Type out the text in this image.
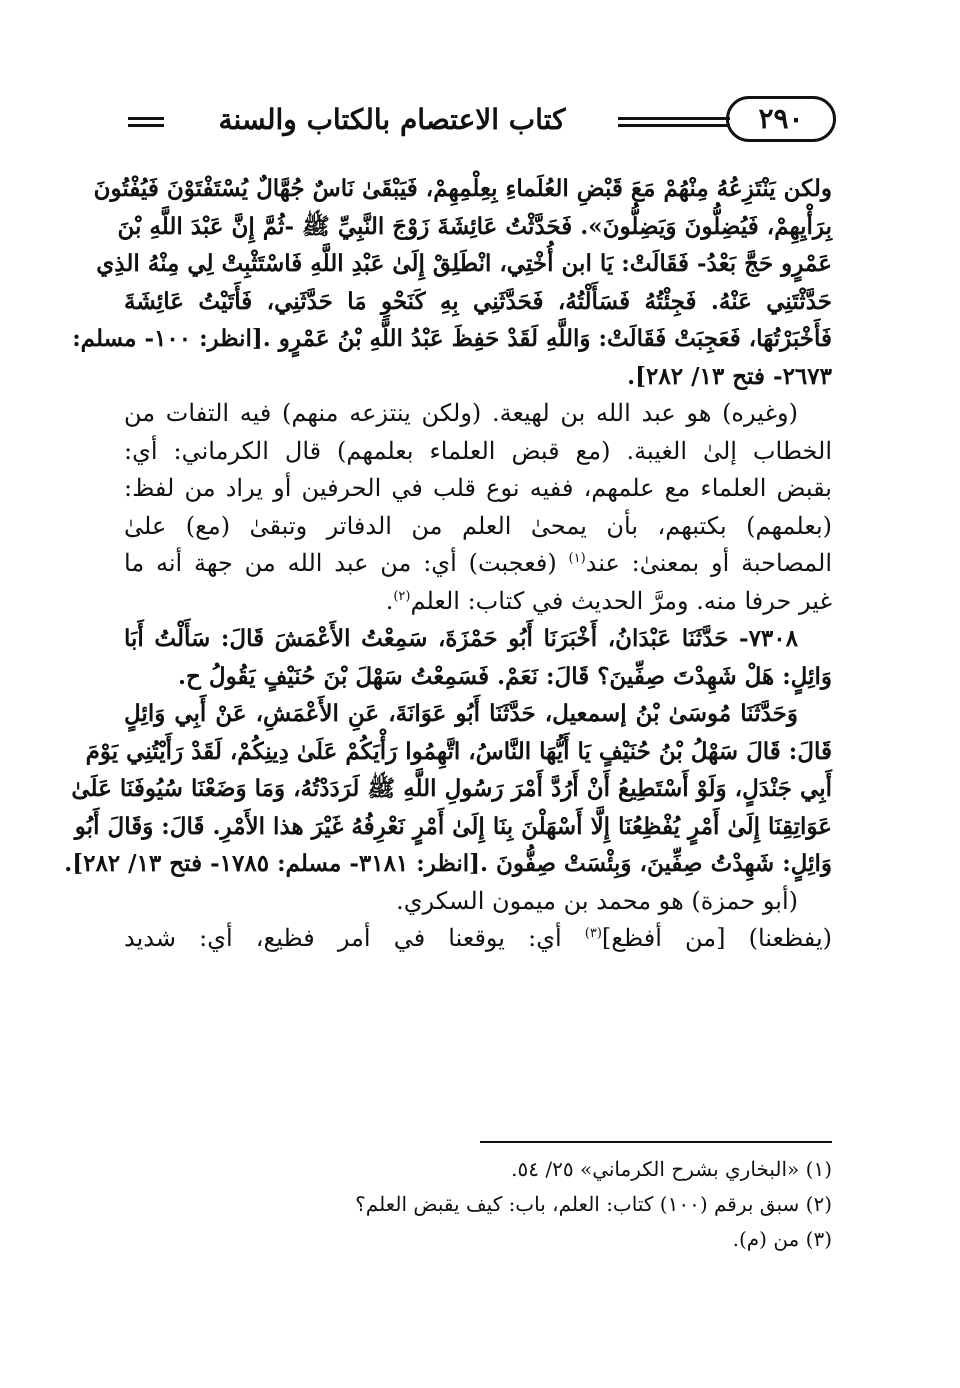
كتاب الاعتصام بالكتاب والسنة	٢٩٠
ولكن يَنْتَزِعُهُ مِنْهُمْ مَعَ قَبْضِ العُلَماءِ بِعِلْمِهِمْ، فَيَبْقَىٰ نَاسٌ جُهَّالٌ يُسْتَفْتَوْنَ فَيُفْتُونَ
بِرَأْيِهِمْ، فَيُضِلُّونَ وَيَضِلُّونَ». فَحَدَّثْتُ عَائِشَةَ زَوْجَ النَّبِيِّ ﷺ -ثُمَّ إِنَّ عَبْدَ اللَّهِ بْنَ
عَمْرٍو حَجَّ بَعْدُ- فَقَالَتْ: يَا ابن أُخْتِي، انْطَلِقْ إِلَىٰ عَبْدِ اللَّهِ فَاسْتَثْبِتْ لِي مِنْهُ الذِي
حَدَّثْتَنِي عَنْهُ. فَجِئْتُهُ فَسَأَلْتُهُ، فَحَدَّثَنِي بِهِ كَنَحْوِ مَا حَدَّثَنِي، فَأَتَيْتُ عَائِشَةَ
فَأَخْبَرْتُهَا، فَعَجِبَتْ فَقَالَتْ: وَاللَّهِ لَقَدْ حَفِظَ عَبْدُ اللَّهِ بْنُ عَمْرٍو .[انظر: ١٠٠- مسلم:
٢٦٧٣- فتح ١٣/ ٢٨٢].
(وغيره) هو عبد الله بن لهيعة. (ولكن ينتزعه منهم) فيه التفات من
الخطاب إلىٰ الغيبة. (مع قبض العلماء بعلمهم) قال الكرماني: أي:
بقبض العلماء مع علمهم، ففيه نوع قلب في الحرفين أو يراد من لفظ:
(بعلمهم) بكتبهم، بأن يمحىٰ العلم من الدفاتر وتبقىٰ (مع) علىٰ
المصاحبة أو بمعنىٰ: عند$^{(١)}$ (فعجبت) أي: من عبد الله من جهة أنه ما
غير حرفا منه. ومرَّ الحديث في كتاب: العلم$^{(٢)}$.
٧٣٠٨- حَدَّثَنَا عَبْدَانُ، أَخْبَرَنَا أَبُو حَمْزَةَ، سَمِعْتُ الأَعْمَشَ قَالَ: سَأَلْتُ أَبَا
وَائِلٍ: هَلْ شَهِدْتَ صِفِّينَ؟ قَالَ: نَعَمْ. فَسَمِعْتُ سَهْلَ بْنَ حُنَيْفٍ يَقُولُ ح.
وَحَدَّثَنَا مُوسَىٰ بْنُ إسمعيل، حَدَّثَنَا أَبُو عَوَانَةَ، عَنِ الأَعْمَشِ، عَنْ أَبِي وَائِلٍ
قَالَ: قَالَ سَهْلُ بْنُ حُنَيْفٍ يَا أَيُّهَا النَّاسُ، اتَّهِمُوا رَأْيَكُمْ عَلَىٰ دِينِكُمْ، لَقَدْ رَأَيْتُنِي يَوْمَ
أَبِي جَنْدَلٍ، وَلَوْ أَسْتَطِيعُ أَنْ أَرُدَّ أَمْرَ رَسُولِ اللَّهِ ﷺ لَرَدَدْتُهُ، وَمَا وَضَعْنَا سُيُوفَنَا عَلَىٰ
عَوَاتِقِنَا إِلَىٰ أَمْرٍ يُفْظِعُنَا إِلَّا أَسْهَلْنَ بِنَا إِلَىٰ أَمْرٍ نَعْرِفُهُ غَيْرَ هذا الأَمْرِ. قَالَ: وَقَالَ أَبُو
وَائِلٍ: شَهِدْتُ صِفِّينَ، وَبِئْسَتْ صِفُّونَ .[انظر: ٣١٨١- مسلم: ١٧٨٥- فتح ١٣/ ٢٨٢].
(أبو حمزة) هو محمد بن ميمون السكري.
(يفظعنا) [من أفظع]$^{(٣)}$ أي: يوقعنا في أمر فظيع، أي: شديد
(١) «البخاري بشرح الكرماني» ٢٥/ ٥٤.
(٢) سبق برقم (١٠٠) كتاب: العلم، باب: كيف يقبض العلم؟
(٣) من (م).
